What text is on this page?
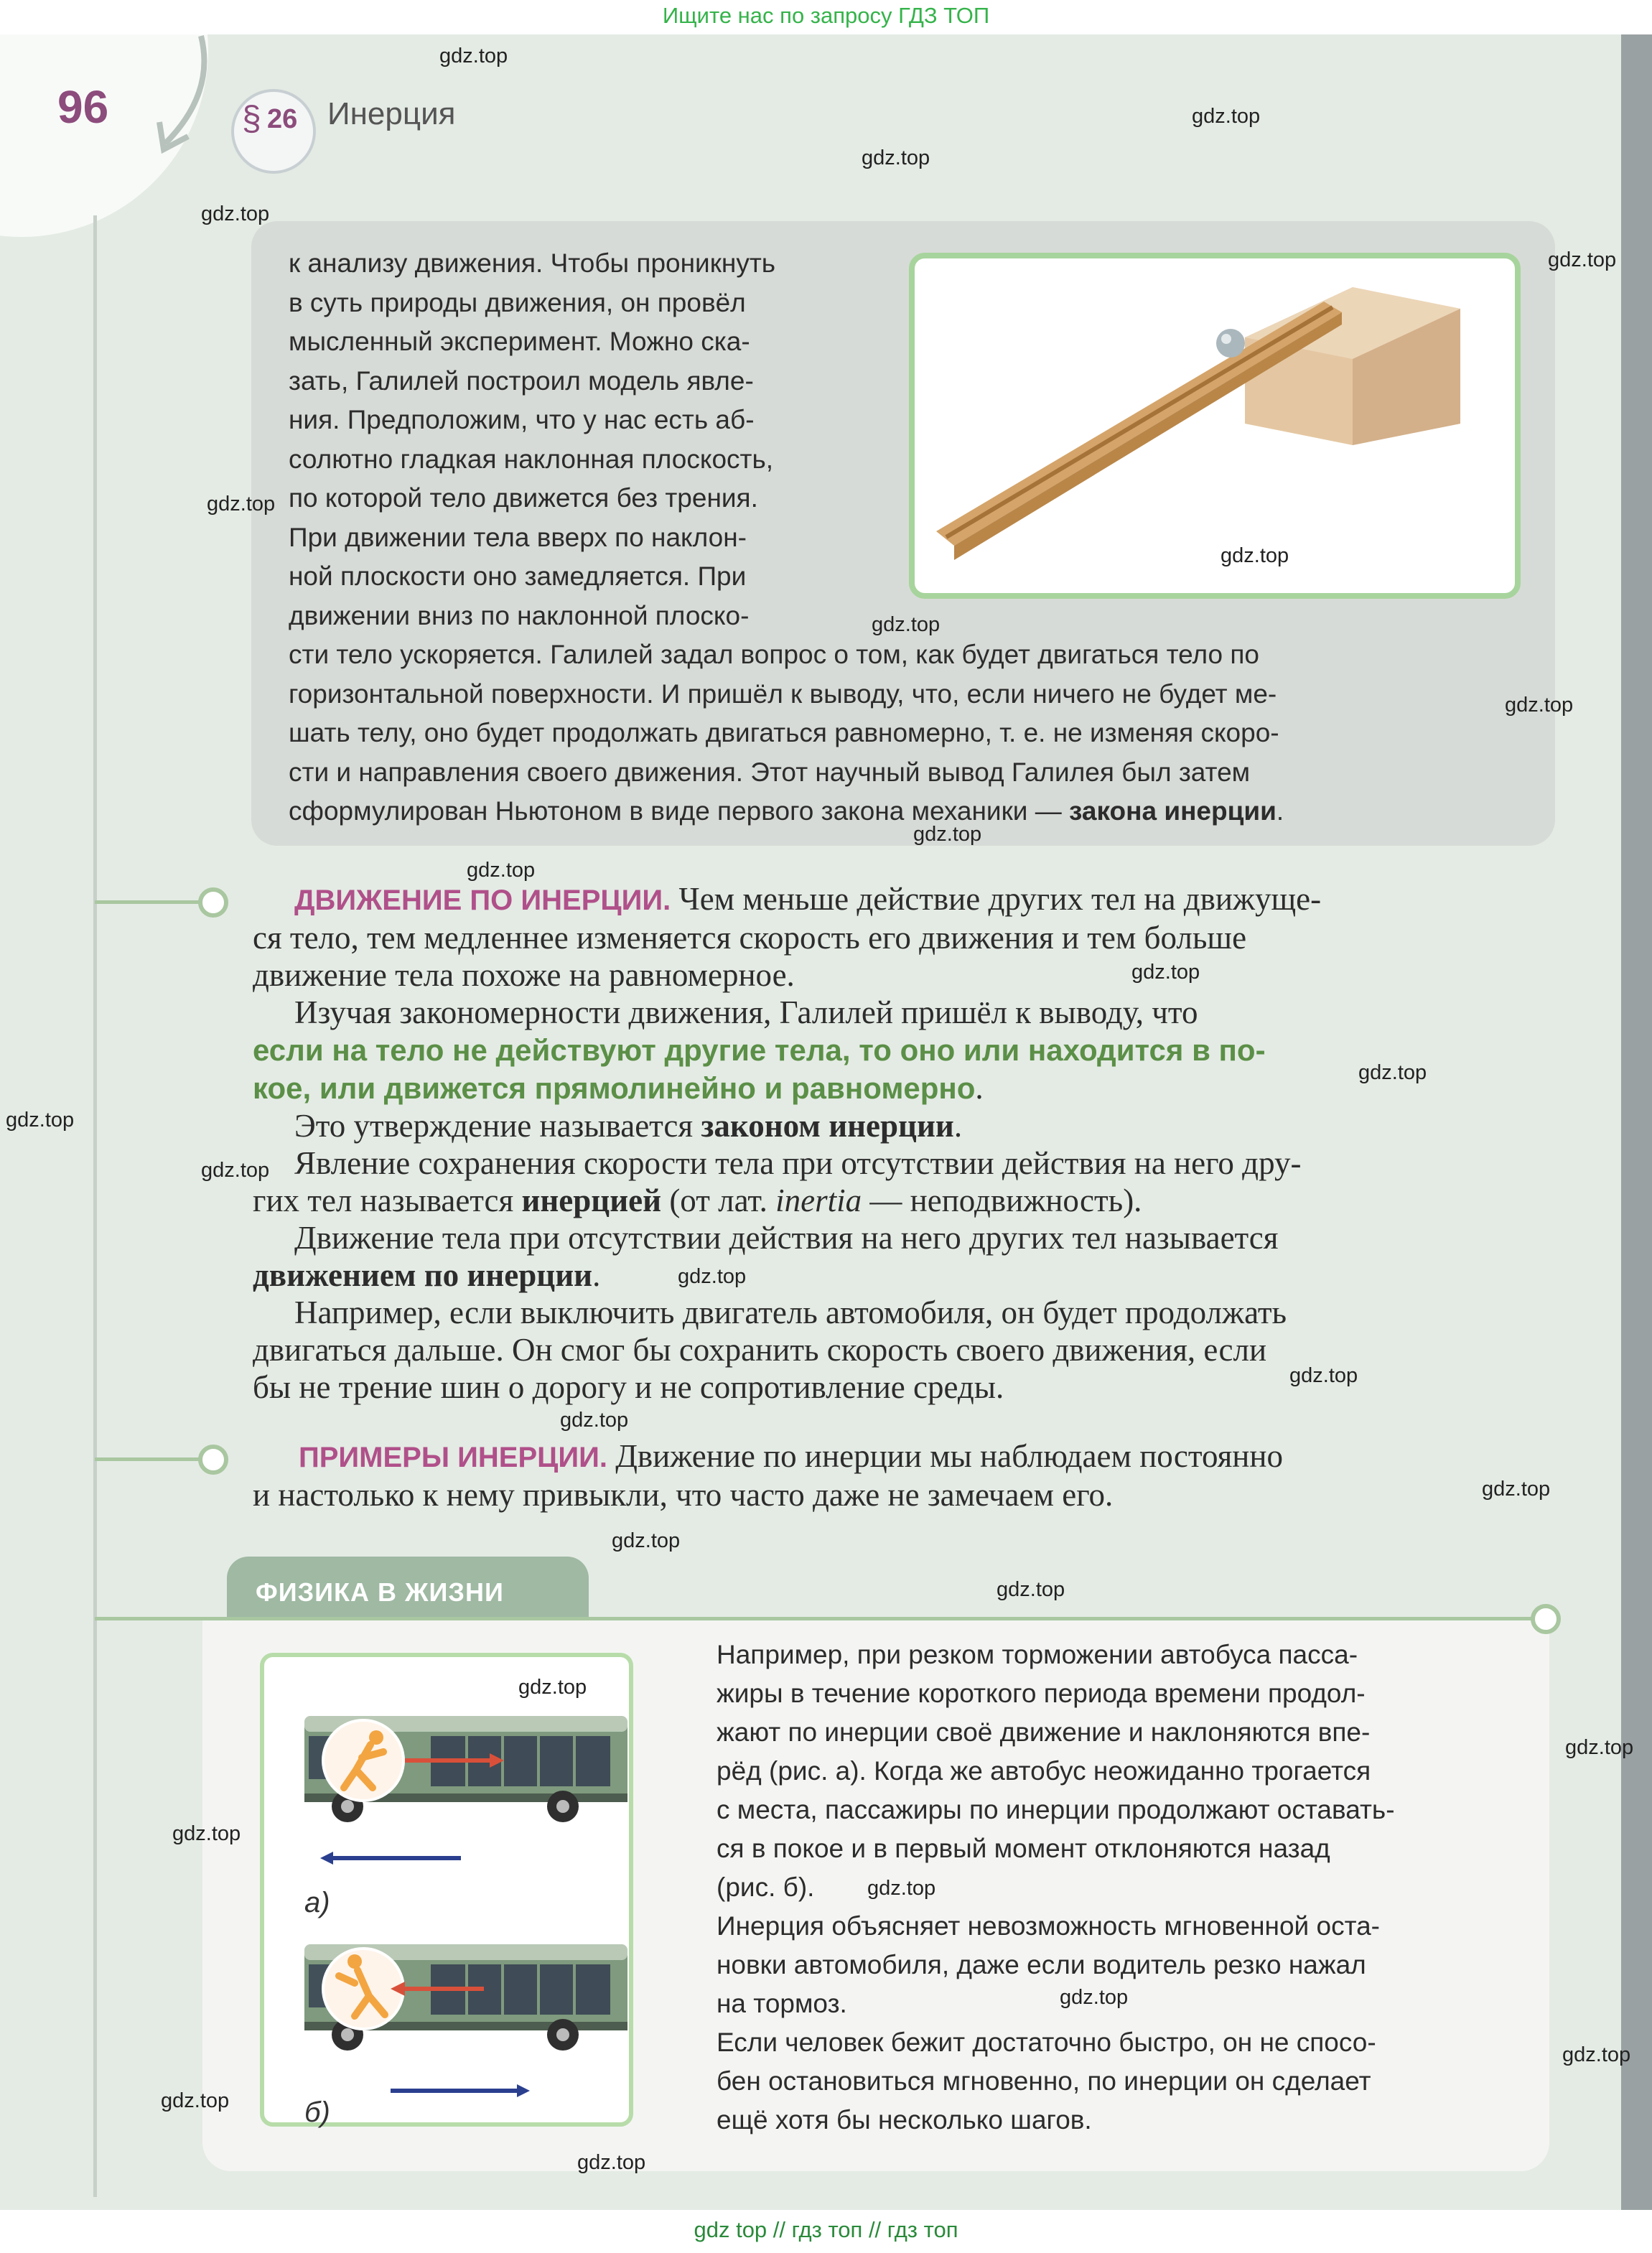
Ищите нас по запросу ГДЗ ТОП
96	§ 26 Инерция
к анализу движения. Чтобы проникнуть
в суть природы движения, он провёл
мысленный эксперимент. Можно ска-
зать, Галилей построил модель явле-
ния. Предположим, что у нас есть аб-
солютно гладкая наклонная плоскость,
по которой тело движется без трения.
При движении тела вверх по наклон-
ной плоскости оно замедляется. При
движении вниз по наклонной плоско-
сти тело ускоряется. Галилей задал вопрос о том, как будет двигаться тело по
горизонтальной поверхности. И пришёл к выводу, что, если ничего не будет ме-
шать телу, оно будет продолжать двигаться равномерно, т. е. не изменяя скоро-
сти и направления своего движения. Этот научный вывод Галилея был затем
сформулирован Ньютоном в виде первого закона механики — закона инерции.
ДВИЖЕНИЕ ПО ИНЕРЦИИ. Чем меньше действие других тел на движуще-
ся тело, тем медленнее изменяется скорость его движения и тем больше
движение тела похоже на равномерное.
Изучая закономерности движения, Галилей пришёл к выводу, что
если на тело не действуют другие тела, то оно или находится в по-
кое, или движется прямолинейно и равномерно.
Это утверждение называется законом инерции.
Явление сохранения скорости тела при отсутствии действия на него дру-
гих тел называется инерцией (от лат. inertia — неподвижность).
Движение тела при отсутствии действия на него других тел называется
движением по инерции.
Например, если выключить двигатель автомобиля, он будет продолжать
двигаться дальше. Он смог бы сохранить скорость своего движения, если
бы не трение шин о дорогу и не сопротивление среды.
ПРИМЕРЫ ИНЕРЦИИ. Движение по инерции мы наблюдаем постоянно
и настолько к нему привыкли, что часто даже не замечаем его.
ФИЗИКА В ЖИЗНИ
а)
б)
Например, при резком торможении автобуса пасса-
жиры в течение короткого периода времени продол-
жают по инерции своё движение и наклоняются впе-
рёд (рис. а). Когда же автобус неожиданно трогается
с места, пассажиры по инерции продолжают оставать-
ся в покое и в первый момент отклоняются назад
(рис. б).
Инерция объясняет невозможность мгновенной оста-
новки автомобиля, даже если водитель резко нажал
на тормоз.
Если человек бежит достаточно быстро, он не спосо-
бен остановиться мгновенно, по инерции он сделает
ещё хотя бы несколько шагов.
gdz.top
gdz.top
gdz.top
gdz.top
gdz.top
gdz.top
gdz.top
gdz.top
gdz.top
gdz.top
gdz.top
gdz.top
gdz.top
gdz.top
gdz.top
gdz.top
gdz.top
gdz.top
gdz.top
gdz.top
gdz.top
gdz.top
gdz.top
gdz.top
gdz.top
gdz.top
gdz.top
gdz.top
gdz.top
gdz top // гдз топ // гдз топ
